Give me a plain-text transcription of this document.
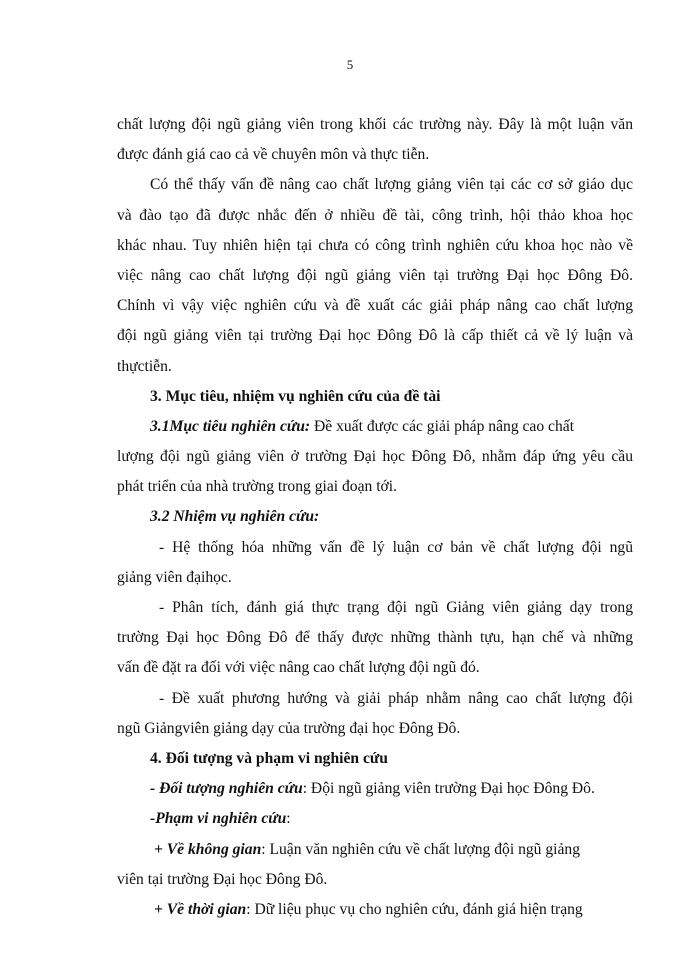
5
chất lượng đội ngũ giảng viên trong khối các trường này. Đây là một luận văn
được đánh giá cao cả về chuyên môn và thực tiễn.
Có thể thấy vấn đề nâng cao chất lượng giảng viên tại các cơ sở giáo dục
và đào tạo đã được nhắc đến ở nhiều đề tài, công trình, hội thảo khoa học
khác nhau. Tuy nhiên hiện tại chưa có công trình nghiên cứu khoa học nào về
việc nâng cao chất lượng đội ngũ giảng viên tại trường Đại học Đông Đô.
Chính vì vậy việc nghiên cứu và đề xuất các giải pháp nâng cao chất lượng
đội ngũ giảng viên tại trường Đại học Đông Đô là cấp thiết cả về lý luận và
thựctiễn.
3. Mục tiêu, nhiệm vụ nghiên cứu của đề tài
3.1Mục tiêu nghiên cứu: Đề xuất được các giải pháp nâng cao chất
lượng đội ngũ giảng viên ở trường Đại học Đông Đô, nhằm đáp ứng yêu cầu
phát triển của nhà trường trong giai đoạn tới.
3.2 Nhiệm vụ nghiên cứu:
- Hệ thống hóa những vấn đề lý luận cơ bản về chất lượng đội ngũ
giảng viên đạihọc.
- Phân tích, đánh giá thực trạng đội ngũ Giảng viên giảng dạy trong
trường Đại học Đông Đô để thấy được những thành tựu, hạn chế và những
vấn đề đặt ra đối với việc nâng cao chất lượng đội ngũ đó.
- Đề xuất phương hướng và giải pháp nhằm nâng cao chất lượng đội
ngũ Giảngviên giảng dạy của trường đại học Đông Đô.
4. Đối tượng và phạm vi nghiên cứu
- Đối tượng nghiên cứu: Đội ngũ giảng viên trường Đại học Đông Đô.
-Phạm vi nghiên cứu:
+ Về không gian: Luận văn nghiên cứu về chất lượng đội ngũ giảng
viên tại trường Đại học Đông Đô.
+ Về thời gian: Dữ liệu phục vụ cho nghiên cứu, đánh giá hiện trạng
